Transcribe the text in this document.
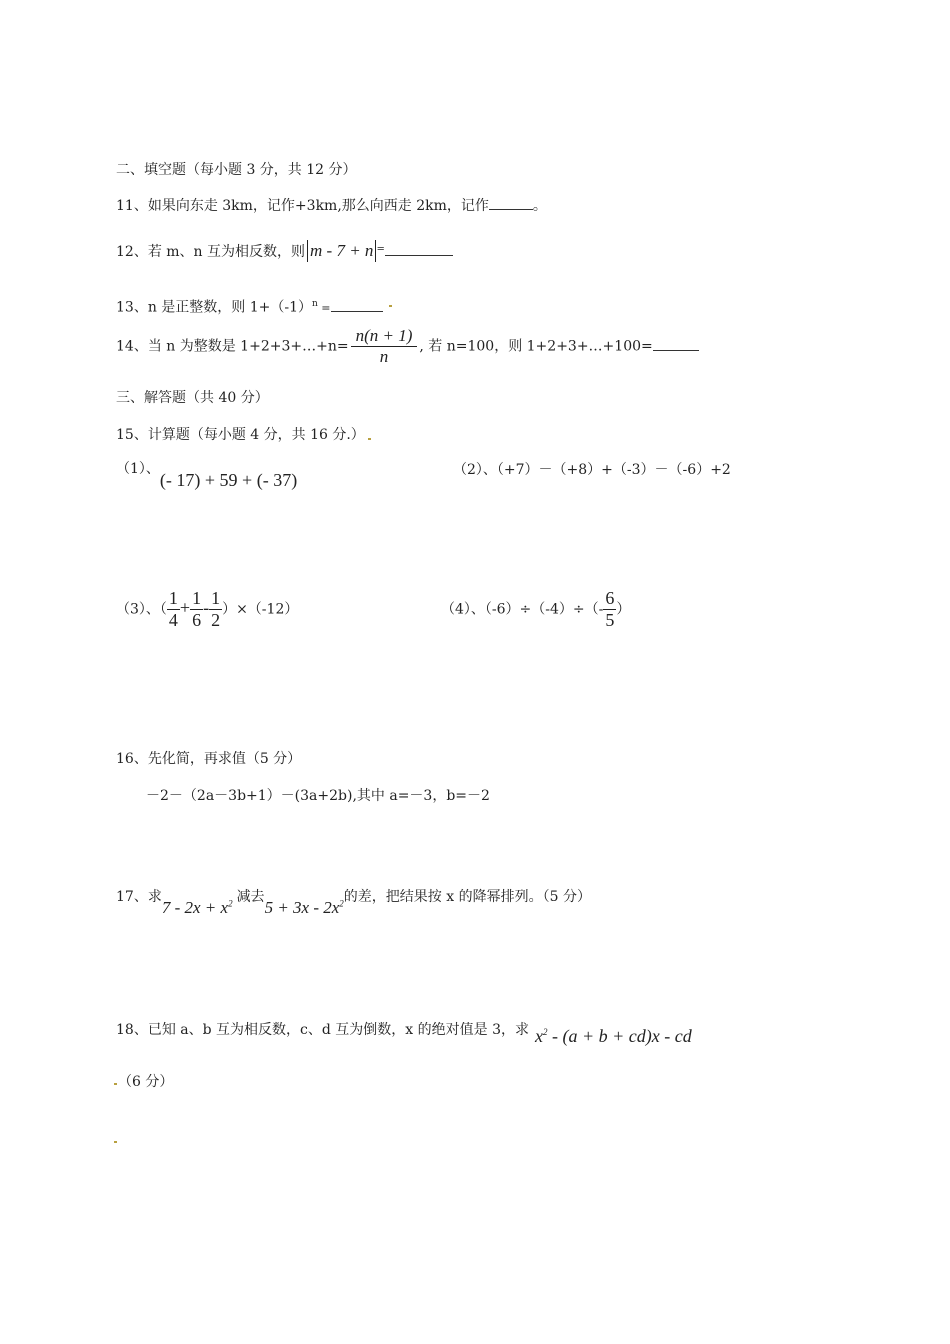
二、填空题（每小题 3 分，共 12 分）
11、如果向东走 3km，记作+3km,那么向西走 2km，记作	。
12、若 m、n 互为相反数，则 m - 7 + n =
13、n 是正整数，则 $1+(-1)^n$ =
14、当 n 为整数是 1+2+3+…+n= $\frac{n(n + 1)}{n}$ , 若 n=100，则 1+2+3+…+100=
三、解答题（共 40 分）
15、计算题（每小题 4 分，共 16 分.）
（1）、(- 17) + 59 + (- 37)	（2）、（+7）－（+8）+（-3）－（-6）+2
（3）、（ $\frac{1}{4} + \frac{1}{6} - \frac{1}{2} )\times(-12)$	（4）、$(-6)\div(-4)\div(- \frac{6}{5}$ ）
16、先化简，再求值（5 分）
－2－（2a－3b+1）－(3a+2b),其中 a=－3，b=－2
17、求$7 - 2x + x^2$ 减去$5 + 3x - 2x^2$的差，把结果按 x 的降幂排列。（5 分）
18、已知 a、b 互为相反数，c、d 互为倒数，x 的绝对值是 3，求 $x^2 - (a + b + cd)x$ - cd
（6 分）
